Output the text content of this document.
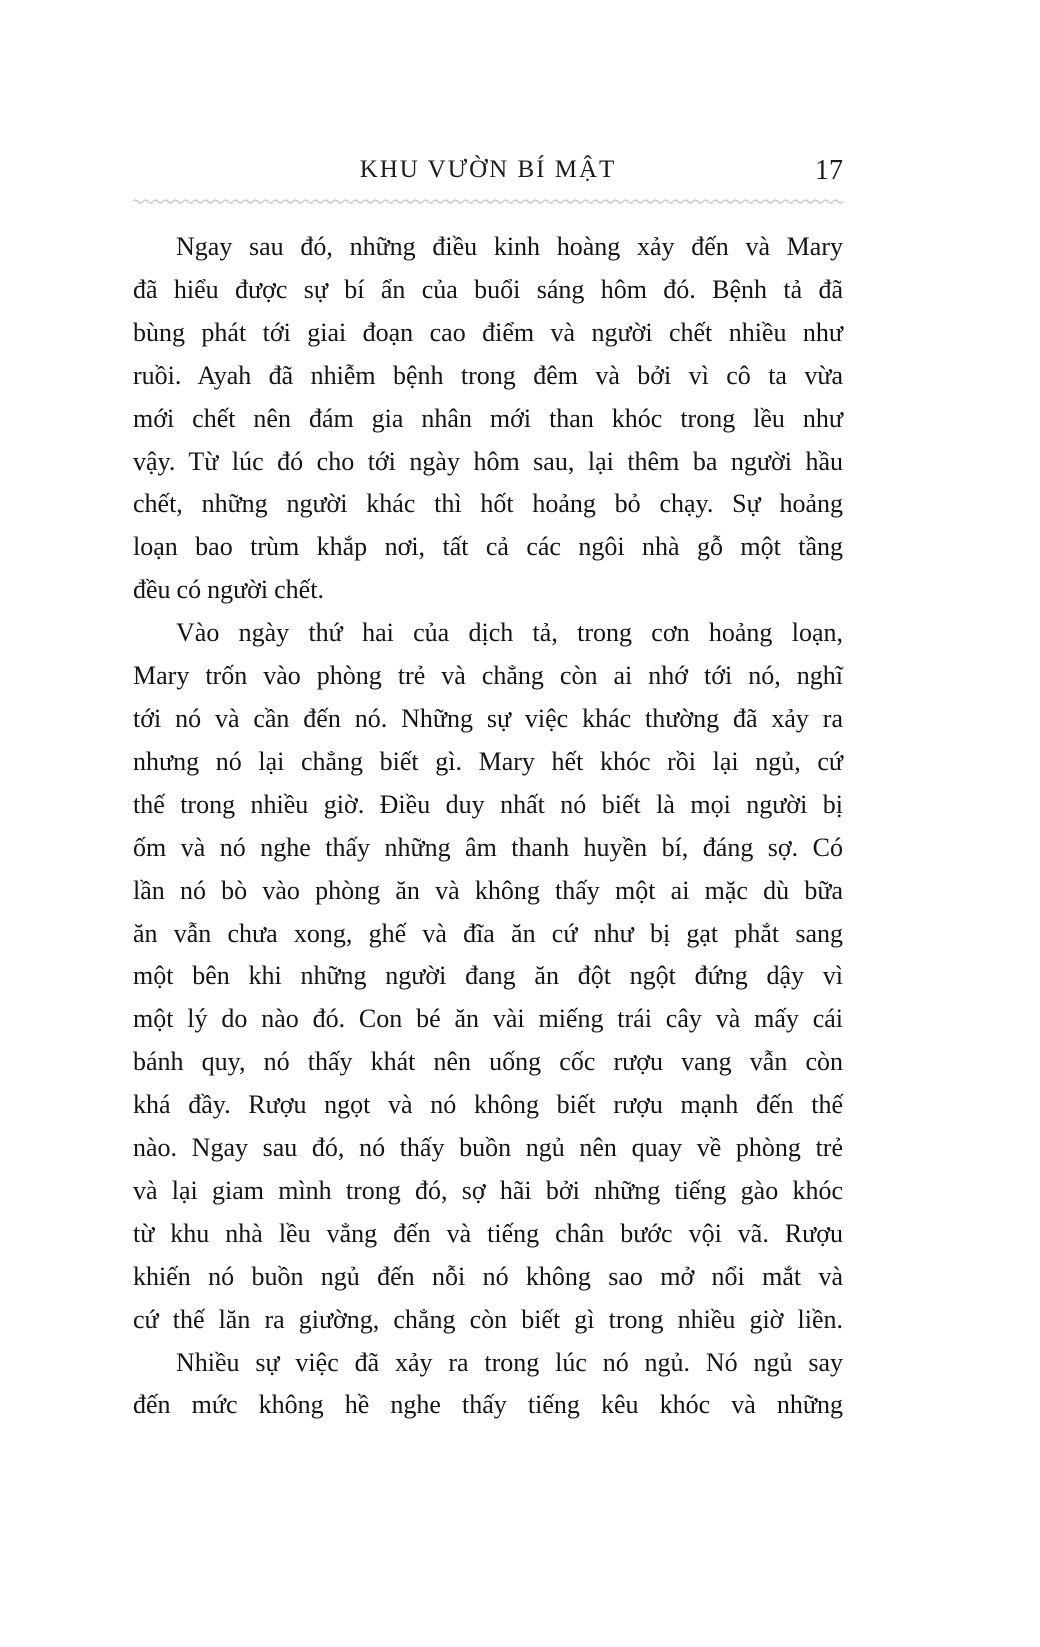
KHU VƯỜN BÍ MẬT	17
Ngay sau đó, những điều kinh hoàng xảy đến và Mary
đã hiểu được sự bí ẩn của buổi sáng hôm đó. Bệnh tả đã
bùng phát tới giai đoạn cao điểm và người chết nhiều như
ruồi. Ayah đã nhiễm bệnh trong đêm và bởi vì cô ta vừa
mới chết nên đám gia nhân mới than khóc trong lều như
vậy. Từ lúc đó cho tới ngày hôm sau, lại thêm ba người hầu
chết, những người khác thì hốt hoảng bỏ chạy. Sự hoảng
loạn bao trùm khắp nơi, tất cả các ngôi nhà gỗ một tầng
đều có người chết.
Vào ngày thứ hai của dịch tả, trong cơn hoảng loạn,
Mary trốn vào phòng trẻ và chẳng còn ai nhớ tới nó, nghĩ
tới nó và cần đến nó. Những sự việc khác thường đã xảy ra
nhưng nó lại chẳng biết gì. Mary hết khóc rồi lại ngủ, cứ
thế trong nhiều giờ. Điều duy nhất nó biết là mọi người bị
ốm và nó nghe thấy những âm thanh huyền bí, đáng sợ. Có
lần nó bò vào phòng ăn và không thấy một ai mặc dù bữa
ăn vẫn chưa xong, ghế và đĩa ăn cứ như bị gạt phắt sang
một bên khi những người đang ăn đột ngột đứng dậy vì
một lý do nào đó. Con bé ăn vài miếng trái cây và mấy cái
bánh quy, nó thấy khát nên uống cốc rượu vang vẫn còn
khá đầy. Rượu ngọt và nó không biết rượu mạnh đến thế
nào. Ngay sau đó, nó thấy buồn ngủ nên quay về phòng trẻ
và lại giam mình trong đó, sợ hãi bởi những tiếng gào khóc
từ khu nhà lều vẳng đến và tiếng chân bước vội vã. Rượu
khiến nó buồn ngủ đến nỗi nó không sao mở nổi mắt và
cứ thế lăn ra giường, chẳng còn biết gì trong nhiều giờ liền.
Nhiều sự việc đã xảy ra trong lúc nó ngủ. Nó ngủ say
đến mức không hề nghe thấy tiếng kêu khóc và những
